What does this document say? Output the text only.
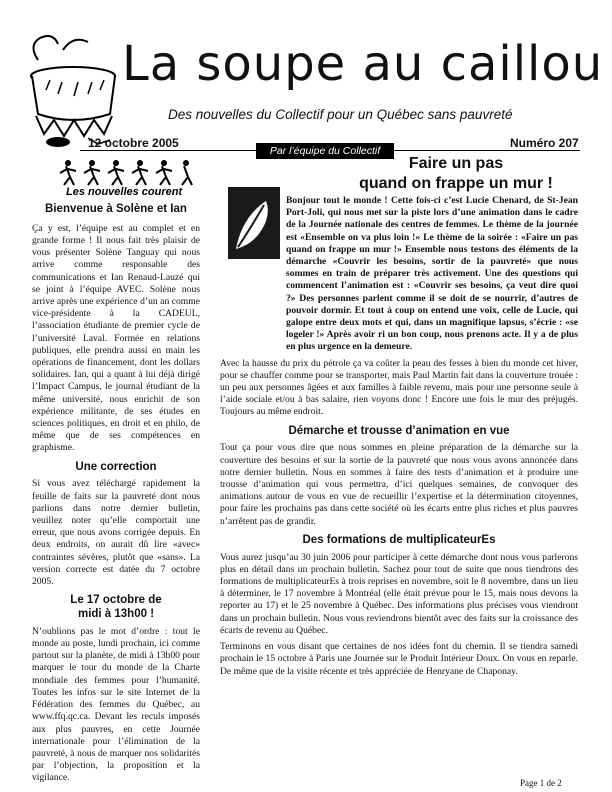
La soupe au caillou
Des nouvelles du Collectif pour un Québec sans pauvreté
12 octobre 2005	Numéro 207
Par l’équipe du Collectif
Les nouvelles courent
Bienvenue à Solène et Ian

Ça y est, l’équipe est au complet et en grande forme ! Il nous fait très plaisir de vous présenter Solène Tanguay qui nous arrive comme responsable des communications et Ian Renaud-Lauzé qui se joint à l’équipe AVEC. Solène nous arrive après une expérience d’un an comme vice-présidente à la CADEUL, l’association étudiante de premier cycle de l’université Laval. Formée en relations publiques, elle prendra aussi en main les opérations de financement, dont les dollars solidaires. Ian, qui a quant à lui déjà dirigé l’Impact Campus, le journal étudiant de la même université, nous enrichit de son expérience militante, de ses études en sciences politiques, en droit et en philo, de même que de ses compétences en graphisme.

Une correction

Si vous avez téléchargé rapidement la feuille de faits sur la pauvreté dont nous parlions dans notre dernier bulletin, veuillez noter qu’elle comportait une erreur, que nous avons corrigée depuis. En deux endroits, on aurait dû lire «avec» contraintes sévères, plutôt que «sans». La version correcte est datée du 7 octobre 2005.

Le 17 octobre de midi à 13h00 !

N’oublions pas le mot d’ordre : tout le monde au poste, lundi prochain, ici comme partout sur la planète, de midi à 13h00 pour marquer le tour du monde de la Charte mondiale des femmes pour l’humanité. Toutes les infos sur le site Internet de la Fédération des femmes du Québec, au www.ffq.qc.ca. Devant les reculs imposés aux plus pauvres, en cette Journée internationale pour l’élimination de la pauvreté, à nous de marquer nos solidarités par l’objection, la proposition et la vigilance.

Faire un pas
quand on frappe un mur !

Bonjour tout le monde ! Cette fois-ci c’est Lucie Chenard, de St-Jean Port-Joli, qui nous met sur la piste lors d’une animation dans le cadre de la Journée nationale des centres de femmes. Le thème de la journée est «Ensemble on va plus loin !» Le thème de la soirée : «Faire un pas quand on frappe un mur !» Ensemble nous testons des éléments de la démarche «Couvrir les besoins, sortir de la pauvreté» que nous sommes en train de préparer très activement. Une des questions qui commencent l’animation est : «Couvrir ses besoins, ça veut dire quoi ?» Des personnes parlent comme il se doit de se nourrir, d’autres de pouvoir dormir. Et tout à coup on entend une voix, celle de Lucie, qui galope entre deux mots et qui, dans un magnifique lapsus, s’écrie : «se logeler !» Après avoir ri un bon coup, nous prenons acte. Il y a de plus en plus urgence en la demeure.

Avec la hausse du prix du pétrole ça va coûter la peau des fesses à bien du monde cet hiver, pour se chauffer comme pour se transporter, mais Paul Martin fait dans la couverture trouée : un peu aux personnes âgées et aux familles à faible revenu, mais pour une personne seule à l’aide sociale et/ou à bas salaire, rien voyons donc ! Encore une fois le mur des préjugés. Toujours au même endroit.

Démarche et trousse d’animation en vue

Tout ça pour vous dire que nous sommes en pleine préparation de la démarche sur la couverture des besoins et sur la sortie de la pauvreté que nous vous avons annoncée dans notre dernier bulletin. Nous en sommes à faire des tests d’animation et à produire une trousse d’animation qui vous permettra, d’ici quelques semaines, de convoquer des animations autour de vous en vue de recueillir l’expertise et la détermination citoyennes, pour faire les prochains pas dans cette société où les écarts entre plus riches et plus pauvres n’arrêtent pas de grandir.

Des formations de multiplicateurEs

Vous aurez jusqu’au 30 juin 2006 pour participer à cette démarche dont nous vous parlerons plus en détail dans un prochain bulletin. Sachez pour tout de suite que nous tiendrons des formations de multiplicateurEs à trois reprises en novembre, soit le 8 novembre, dans un lieu à déterminer, le 17 novembre à Montréal (elle était prévue pour le 15, mais nous devons la reporter au 17) et le 25 novembre à Québec. Des informations plus précises vous viendront dans un prochain bulletin. Nous vous reviendrons bientôt avec des faits sur la croissance des écarts de revenu au Québec.

Terminons en vous disant que certaines de nos idées font du chemin. Il se tiendra samedi prochain le 15 octobre à Paris une Journée sur le Produit Intérieur Doux. On vous en reparle. De même que de la visite récente et très appréciée de Henryane de Chaponay.

Page 1 de 2
